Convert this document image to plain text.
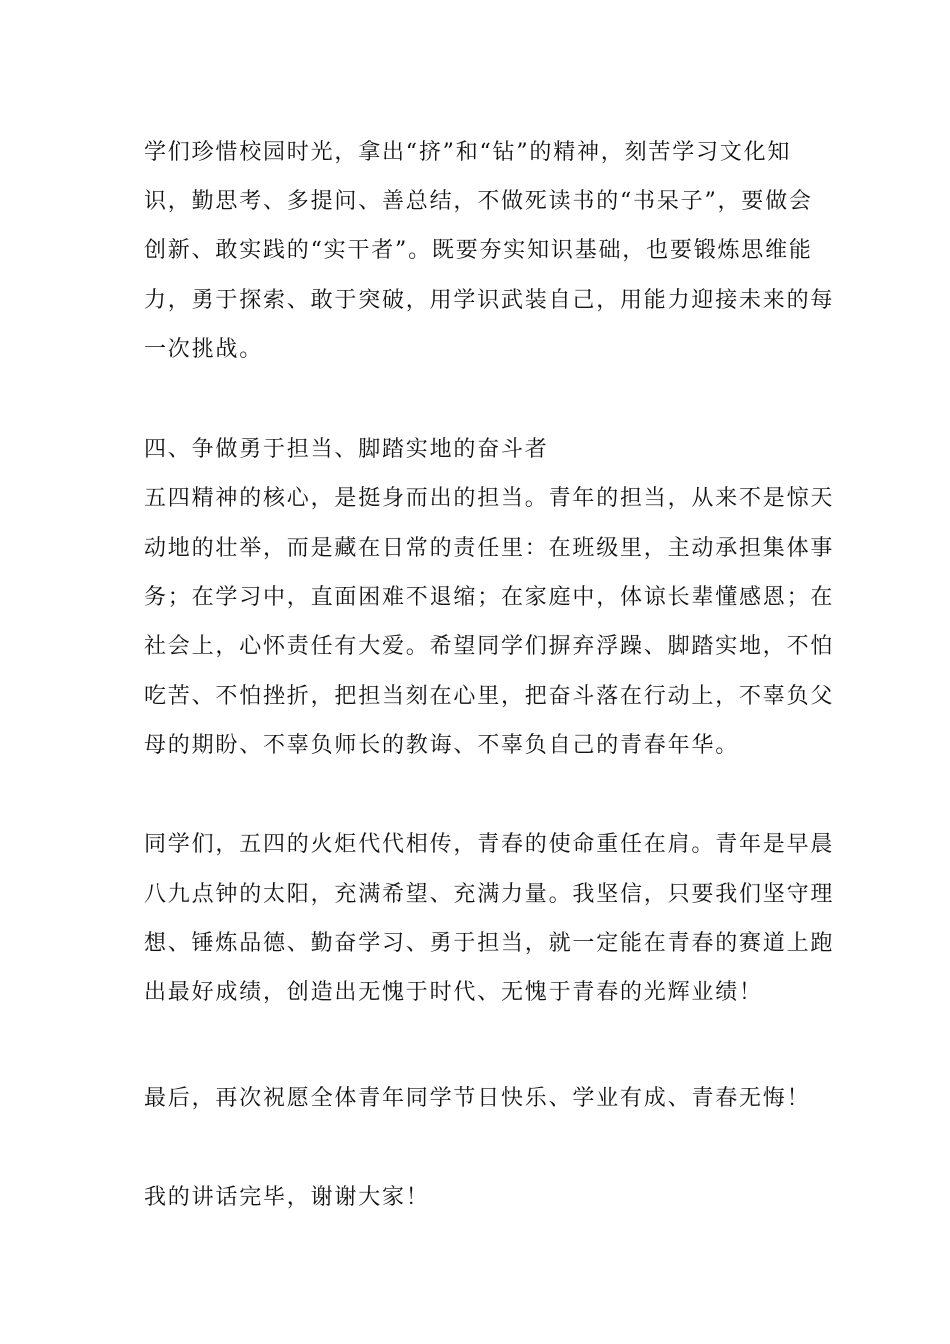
学们珍惜校园时光，拿出“挤”和“钻”的精神，刻苦学习文化知
识，勤思考、多提问、善总结，不做死读书的“书呆子”，要做会
创新、敢实践的“实干者”。既要夯实知识基础，也要锻炼思维能
力，勇于探索、敢于突破，用学识武装自己，用能力迎接未来的每
一次挑战。
四、争做勇于担当、脚踏实地的奋斗者
五四精神的核心，是挺身而出的担当。青年的担当，从来不是惊天
动地的壮举，而是藏在日常的责任里：在班级里，主动承担集体事
务；在学习中，直面困难不退缩；在家庭中，体谅长辈懂感恩；在
社会上，心怀责任有大爱。希望同学们摒弃浮躁、脚踏实地，不怕
吃苦、不怕挫折，把担当刻在心里，把奋斗落在行动上，不辜负父
母的期盼、不辜负师长的教诲、不辜负自己的青春年华。
同学们，五四的火炬代代相传，青春的使命重任在肩。青年是早晨
八九点钟的太阳，充满希望、充满力量。我坚信，只要我们坚守理
想、锤炼品德、勤奋学习、勇于担当，就一定能在青春的赛道上跑
出最好成绩，创造出无愧于时代、无愧于青春的光辉业绩！
最后，再次祝愿全体青年同学节日快乐、学业有成、青春无悔！
我的讲话完毕，谢谢大家！
